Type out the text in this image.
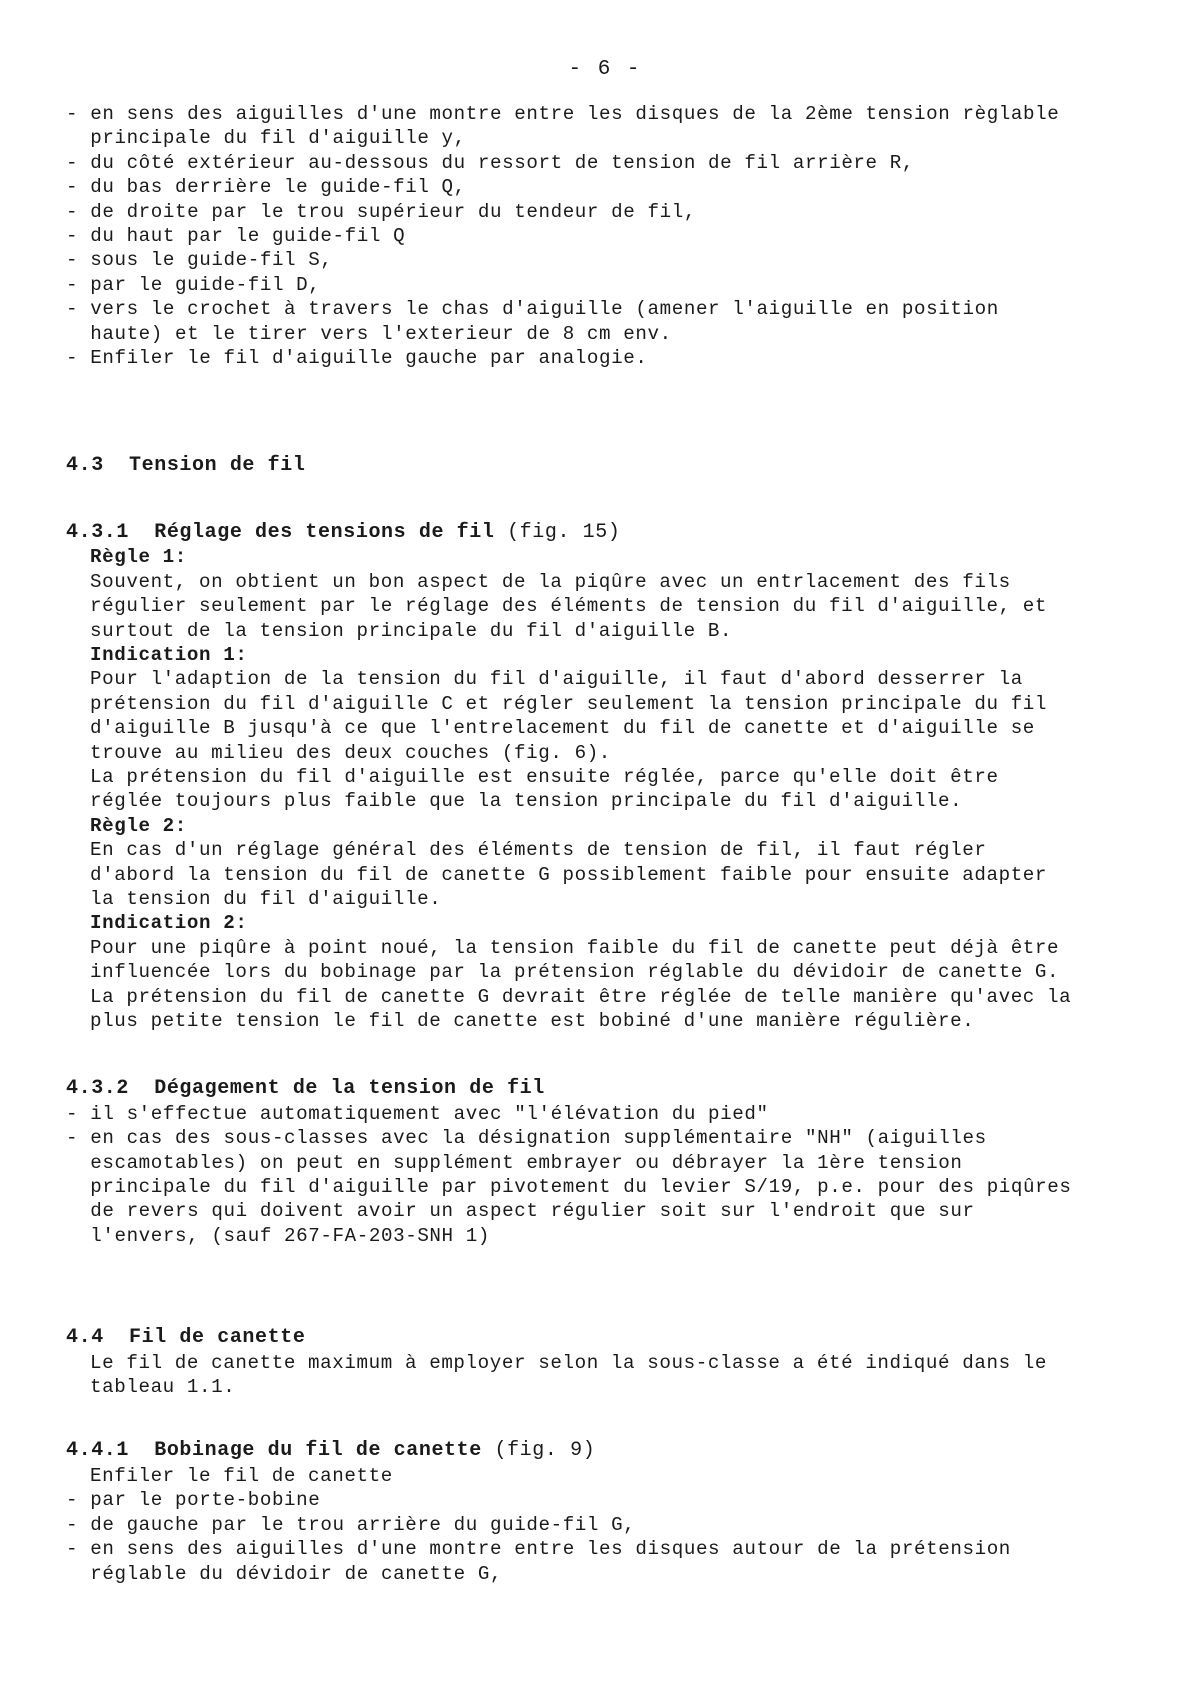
- 6 -

- en sens des aiguilles d'une montre entre les disques de la 2ème tension règlable

principale du fil d'aiguille y,

- du côté extérieur au-dessous du ressort de tension de fil arrière R,

- du bas derrière le guide-fil Q,

- de droite par le trou supérieur du tendeur de fil,

- du haut par le guide-fil Q

- sous le guide-fil S,

- par le guide-fil D,

- vers le crochet à travers le chas d'aiguille (amener l'aiguille en position

haute) et le tirer vers l'exterieur de 8 cm env.

- Enfiler le fil d'aiguille gauche par analogie.

4.3  Tension de fil

4.3.1  Réglage des tensions de fil (fig. 15)

Règle 1:

Souvent, on obtient un bon aspect de la piqûre avec un entrlacement des fils

régulier seulement par le réglage des éléments de tension du fil d'aiguille, et

surtout de la tension principale du fil d'aiguille B.

Indication 1:

Pour l'adaption de la tension du fil d'aiguille, il faut d'abord desserrer la

prétension du fil d'aiguille C et régler seulement la tension principale du fil

d'aiguille B jusqu'à ce que l'entrelacement du fil de canette et d'aiguille se

trouve au milieu des deux couches (fig. 6).

La prétension du fil d'aiguille est ensuite réglée, parce qu'elle doit être

réglée toujours plus faible que la tension principale du fil d'aiguille.

Règle 2:

En cas d'un réglage général des éléments de tension de fil, il faut régler

d'abord la tension du fil de canette G possiblement faible pour ensuite adapter

la tension du fil d'aiguille.

Indication 2:

Pour une piqûre à point noué, la tension faible du fil de canette peut déjà être

influencée lors du bobinage par la prétension réglable du dévidoir de canette G.

La prétension du fil de canette G devrait être réglée de telle manière qu'avec la

plus petite tension le fil de canette est bobiné d'une manière régulière.

4.3.2  Dégagement de la tension de fil

- il s'effectue automatiquement avec "l'élévation du pied"

- en cas des sous-classes avec la désignation supplémentaire "NH" (aiguilles

escamotables) on peut en supplément embrayer ou débrayer la 1ère tension

principale du fil d'aiguille par pivotement du levier S/19, p.e. pour des piqûres

de revers qui doivent avoir un aspect régulier soit sur l'endroit que sur

l'envers, (sauf 267-FA-203-SNH 1)

4.4  Fil de canette

Le fil de canette maximum à employer selon la sous-classe a été indiqué dans le

tableau 1.1.

4.4.1  Bobinage du fil de canette (fig. 9)

Enfiler le fil de canette

- par le porte-bobine

- de gauche par le trou arrière du guide-fil G,

- en sens des aiguilles d'une montre entre les disques autour de la prétension

réglable du dévidoir de canette G,
